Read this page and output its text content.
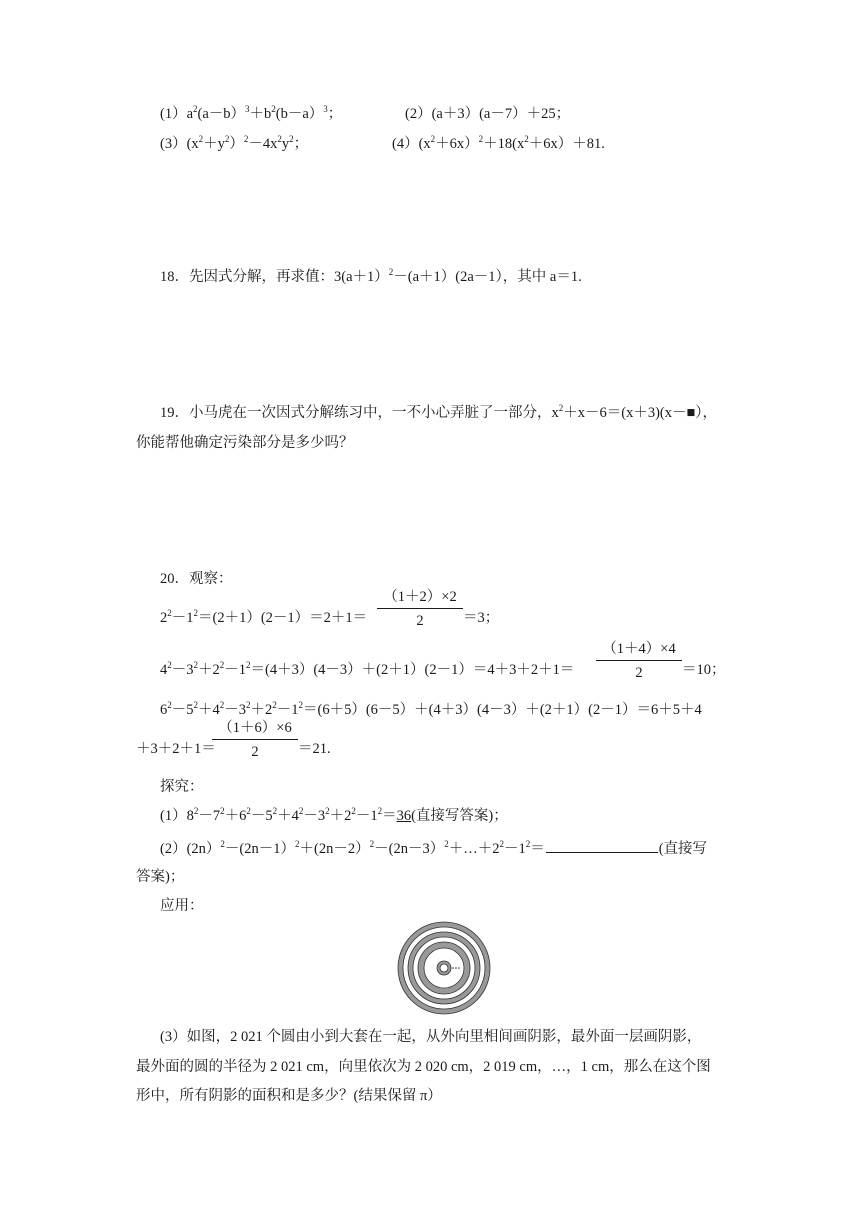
$(1)a^2(a-b)^3+b^2(b-a)^3$；	(2）(a＋3）(a－7）＋25；
$(3)(x^2+y^2)^2-4x^2y^2$；	$(4)(x^2+6x)^2+18(x^2+6x)+81$.
18．先因式分解，再求值：3(a＋1）$^2$－(a＋1）(2a－1），其中 a＝1.
19．小马虎在一次因式分解练习中，一不小心弄脏了一部分，$x^2+x-6=(x+3)(x-■)$，
你能帮他确定污染部分是多少吗？
20．观察：
$2^2-1^2=(2+1)(2-1)=2+1=$
（1＋2）×2
2	＝3；
$4^2-3^2+2^2-1^2=(4+3)(4-3)+(2+1)(2-1)=4+3+2+1=$
（1＋4）×4
2	＝10；
$6^2-5^2+4^2-3^2+2^2-1^2=(6+5)(6-5)+(4+3)(4-3)+(2+1)(2-1)=6+5+4$
＋3＋2＋1＝
（1＋6）×6
2	＝21.
探究：
$(1)8^2-7^2+6^2-5^2+4^2-3^2+2^2-1^2=36$(直接写答案)；
$(2)(2n)^2-(2n-1)^2+(2n-2)^2-(2n-3)^2+\dots+2^2-1^2=$	(直接写
答案)；
应用：
(3）如图，2 021 个圆由小到大套在一起，从外向里相间画阴影，最外面一层画阴影，
最外面的圆的半径为 2 021 cm，向里依次为 2 020 cm，2 019 cm，…，1 cm，那么在这个图
形中，所有阴影的面积和是多少？(结果保留 π）
